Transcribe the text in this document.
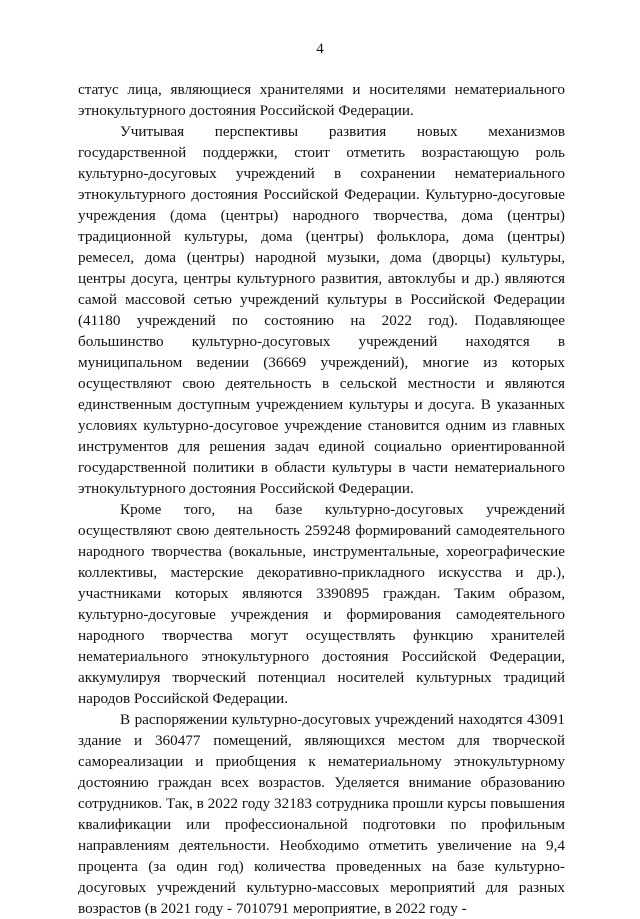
4

статус лица, являющиеся хранителями и носителями нематериального этнокультурного достояния Российской Федерации.

Учитывая перспективы развития новых механизмов государственной поддержки, стоит отметить возрастающую роль культурно-досуговых учреждений в сохранении нематериального этнокультурного достояния Российской Федерации. Культурно-досуговые учреждения (дома (центры) народного творчества, дома (центры) традиционной культуры, дома (центры) фольклора, дома (центры) ремесел, дома (центры) народной музыки, дома (дворцы) культуры, центры досуга, центры культурного развития, автоклубы и др.) являются самой массовой сетью учреждений культуры в Российской Федерации (41180 учреждений по состоянию на 2022 год). Подавляющее большинство культурно-досуговых учреждений находятся в муниципальном ведении (36669 учреждений), многие из которых осуществляют свою деятельность в сельской местности и являются единственным доступным учреждением культуры и досуга. В указанных условиях культурно-досуговое учреждение становится одним из главных инструментов для решения задач единой социально ориентированной государственной политики в области культуры в части нематериального этнокультурного достояния Российской Федерации.

Кроме того, на базе культурно-досуговых учреждений осуществляют свою деятельность 259248 формирований самодеятельного народного творчества (вокальные, инструментальные, хореографические коллективы, мастерские декоративно-прикладного искусства и др.), участниками которых являются 3390895 граждан. Таким образом, культурно-досуговые учреждения и формирования самодеятельного народного творчества могут осуществлять функцию хранителей нематериального этнокультурного достояния Российской Федерации, аккумулируя творческий потенциал носителей культурных традиций народов Российской Федерации.

В распоряжении культурно-досуговых учреждений находятся 43091 здание и 360477 помещений, являющихся местом для творческой самореализации и приобщения к нематериальному этнокультурному достоянию граждан всех возрастов. Уделяется внимание образованию сотрудников. Так, в 2022 году 32183 сотрудника прошли курсы повышения квалификации или профессиональной подготовки по профильным направлениям деятельности. Необходимо отметить увеличение на 9,4 процента (за один год) количества проведенных на базе культурно-досуговых учреждений культурно-массовых мероприятий для разных возрастов (в 2021 году - 7010791 мероприятие, в 2022 году -
